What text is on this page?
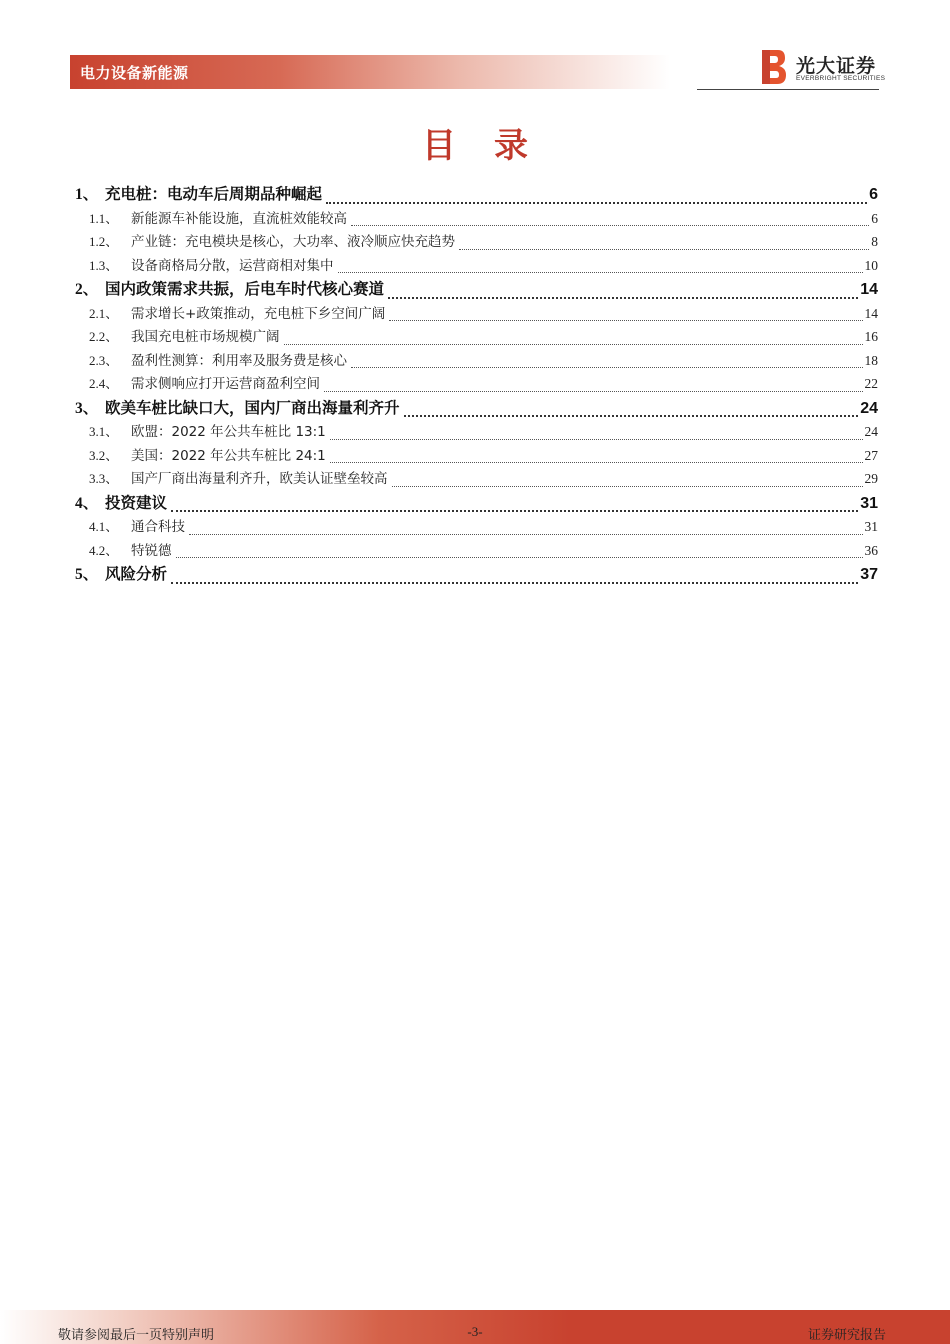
电力设备新能源	光大证券
EVERBRIGHT SECURITIES
目录
1、 充电桩：电动车后周期品种崛起	6
1.1、 新能源车补能设施，直流桩效能较高	6
1.2、 产业链：充电模块是核心，大功率、液冷顺应快充趋势	8
1.3、 设备商格局分散，运营商相对集中	10
2、 国内政策需求共振，后电车时代核心赛道	14
2.1、 需求增长+政策推动，充电桩下乡空间广阔	14
2.2、 我国充电桩市场规模广阔	16
2.3、 盈利性测算：利用率及服务费是核心	18
2.4、 需求侧响应打开运营商盈利空间	22
3、 欧美车桩比缺口大，国内厂商出海量利齐升	24
3.1、 欧盟：2022 年公共车桩比 13:1	24
3.2、 美国：2022 年公共车桩比 24:1	27
3.3、 国产厂商出海量利齐升，欧美认证壁垒较高	29
4、 投资建议	31
4.1、 通合科技	31
4.2、 特锐德	36
5、 风险分析	37
敬请参阅最后一页特别声明	-3-	证券研究报告
